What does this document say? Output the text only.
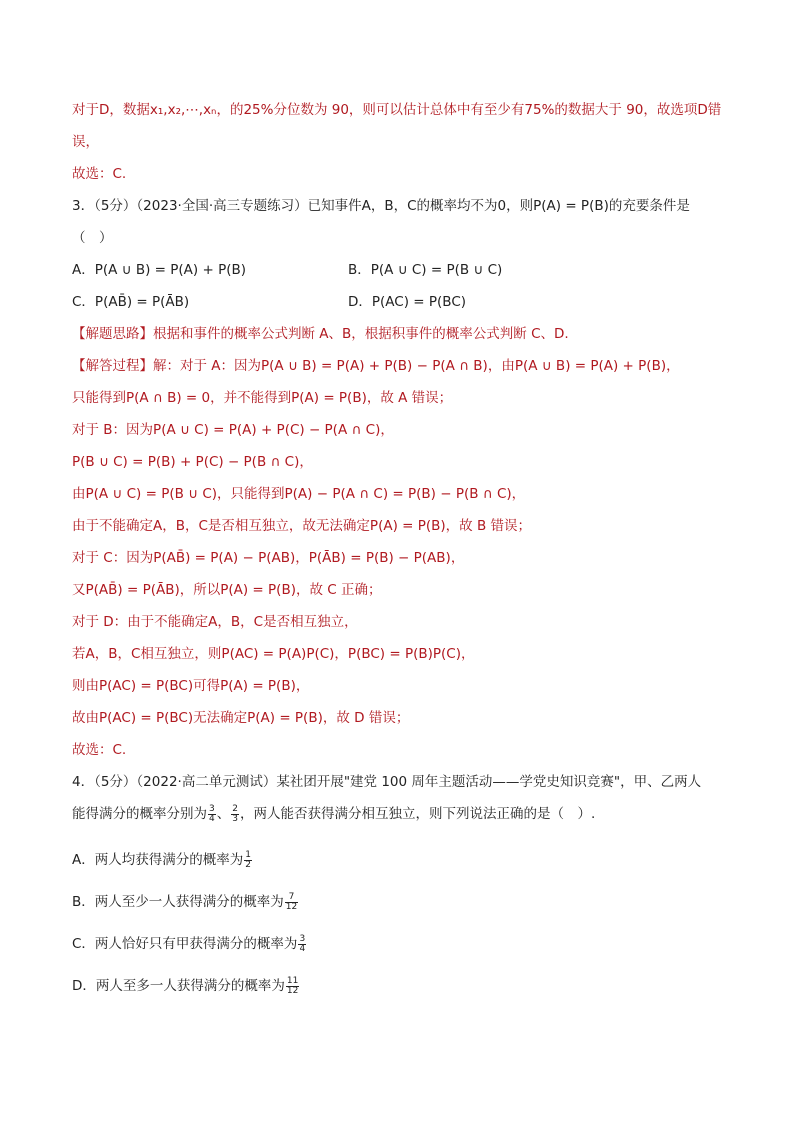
对于D，数据x₁,x₂,⋯,xₙ，的25%分位数为 90，则可以估计总体中有至少有75%的数据大于 90，故选项D错
误，
故选：C.
3．（5分）（2023·全国·高三专题练习）已知事件A，B，C的概率均不为0，则P(A) = P(B)的充要条件是
（　）
A．P(A ∪ B) = P(A) + P(B)	B．P(A ∪ C) = P(B ∪ C)
C．P(AB̄) = P(ĀB)	D．P(AC) = P(BC)
【解题思路】根据和事件的概率公式判断 A、B，根据积事件的概率公式判断 C、D.
【解答过程】解：对于 A：因为P(A ∪ B) = P(A) + P(B) − P(A ∩ B)，由P(A ∪ B) = P(A) + P(B)，
只能得到P(A ∩ B) = 0，并不能得到P(A) = P(B)，故 A 错误；
对于 B：因为P(A ∪ C) = P(A) + P(C) − P(A ∩ C)，
P(B ∪ C) = P(B) + P(C) − P(B ∩ C)，
由P(A ∪ C) = P(B ∪ C)，只能得到P(A) − P(A ∩ C) = P(B) − P(B ∩ C)，
由于不能确定A，B，C是否相互独立，故无法确定P(A) = P(B)，故 B 错误；
对于 C：因为P(AB̄) = P(A) − P(AB)，P(ĀB) = P(B) − P(AB)，
又P(AB̄) = P(ĀB)，所以P(A) = P(B)，故 C 正确；
对于 D：由于不能确定A，B，C是否相互独立，
若A，B，C相互独立，则P(AC) = P(A)P(C)，P(BC) = P(B)P(C)，
则由P(AC) = P(BC)可得P(A) = P(B)，
故由P(AC) = P(BC)无法确定P(A) = P(B)，故 D 错误；
故选：C.
4．（5分）（2022·高二单元测试）某社团开展"建党 100 周年主题活动——学党史知识竞赛"，甲、乙两人
能得满分的概率分别为 $\frac{3}{4}$ 、 $\frac{2}{3}$ ，两人能否获得满分相互独立，则下列说法正确的是（　）.
A．两人均获得满分的概率为 $\frac{1}{2}$
B．两人至少一人获得满分的概率为 $\frac{7}{12}$
C．两人恰好只有甲获得满分的概率为 $\frac{3}{4}$
D．两人至多一人获得满分的概率为 $\frac{11}{12}$
